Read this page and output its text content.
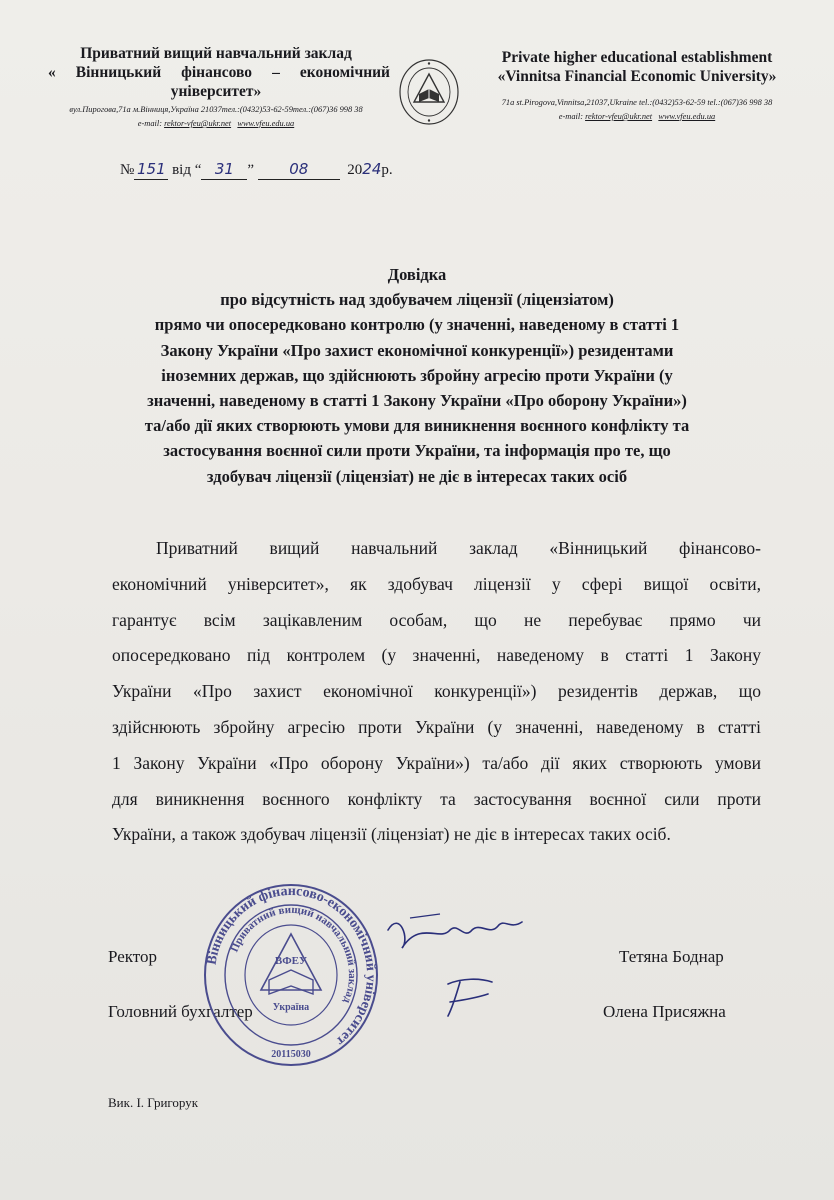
Приватний вищий навчальний заклад
« Вінницький фінансово – економічний
університет»
вул.Пирогова,71а м.Вінниця,Україна 21037тел.:(0432)53-62-59тел.:(067)36 998 38
e-mail: rektor-vfeu@ukr.net www.vfeu.edu.ua
Private higher educational establishment
«Vinnitsa Financial Economic University»
71a st.Pirogova,Vinnitsa,21037,Ukraine tel.:(0432)53-62-59 tel.:(067)36 998 38
e-mail: rektor-vfeu@ukr.net www.vfeu.edu.ua
№ 151 від “ 31 ” 08	2024р.
Довідка
про відсутність над здобувачем ліцензії (ліцензіатом)
прямо чи опосередковано контролю (у значенні, наведеному в статті 1
Закону України «Про захист економічної конкуренції») резидентами
іноземних держав, що здійснюють збройну агресію проти України (у
значенні, наведеному в статті 1 Закону України «Про оборону України»)
та/або дії яких створюють умови для виникнення воєнного конфлікту та
застосування воєнної сили проти України, та інформація про те, що
здобувач ліцензії (ліцензіат) не діє в інтересах таких осіб
Приватний вищий навчальний заклад «Вінницький фінансово-
економічний університет», як здобувач ліцензії у сфері вищої освіти,
гарантує всім зацікавленим особам, що не перебуває прямо чи
опосередковано під контролем (у значенні, наведеному в статті 1 Закону
України «Про захист економічної конкуренції») резидентів держав, що
здійснюють збройну агресію проти України (у значенні, наведеному в статті
1 Закону України «Про оборону України») та/або дії яких створюють умови
для виникнення воєнного конфлікту та застосування воєнної сили проти
України, а також здобувач ліцензії (ліцензіат) не діє в інтересах таких осіб.
Ректор	Тетяна Боднар
Головний бухгалтер	Олена Присяжна
Вінницький фінансово-економічний університет
Приватний вищий навчальний заклад
ВФЕУ
Україна
20115030
Вик. І. Григорук
